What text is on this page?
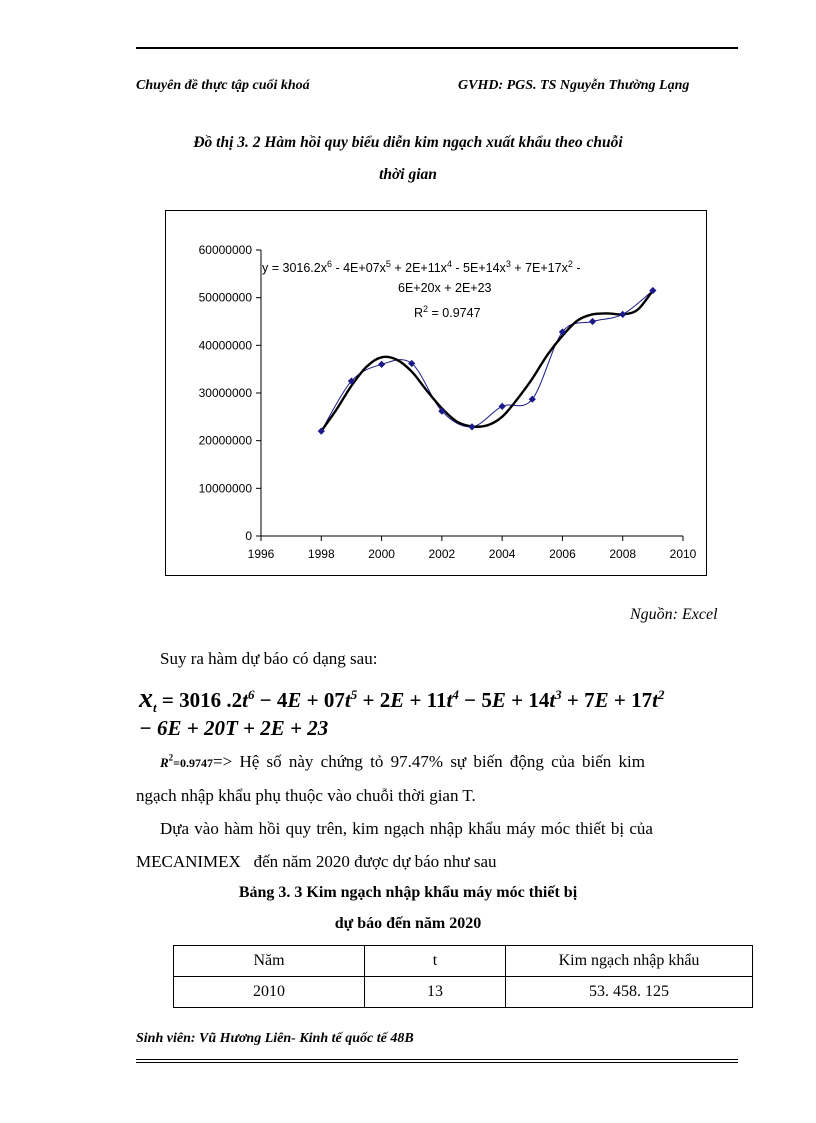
Chuyên đề thực tập cuối khoá	GVHD: PGS. TS Nguyễn Thường Lạng
Đồ thị 3. 2 Hàm hồi quy biểu diễn kim ngạch xuất khẩu theo chuỗi
thời gian
0
10000000
20000000
30000000
40000000
50000000
60000000
1996	1998	2000	2002	2004	2006	2008	2010
$y = 3016.2x^6 - 4E+07x^5 + 2E+11x^4 - 5E+14x^3 + 7E+17x^2$ -
6E+20x + 2E+23
$R^2 = 0.9747$
Nguồn: Excel
Suy ra hàm dự báo có dạng sau:
$x_t = 3016$ $.2t^6 - 4E + 07t^5 + 2E + 11t^4 - 5E + 14t^3 + 7E + 17t^2$
− 6E + 20T + 2E + 23
$R^2=0.9747=>$ Hệ số này chứng tỏ 97.47% sự biến động của biến kim
ngạch nhập khẩu phụ thuộc vào chuỗi thời gian T.
Dựa vào hàm hồi quy trên, kim ngạch nhập khẩu máy móc thiết bị của
MECANIMEX   đến năm 2020 được dự báo như sau
Bảng 3. 3 Kim ngạch nhập khẩu máy móc thiết bị
dự báo đến năm 2020
Năm	t	Kim ngạch nhập khẩu
2010	13	53. 458. 125
Sinh viên: Vũ Hương Liên- Kinh tế quốc tế 48B
